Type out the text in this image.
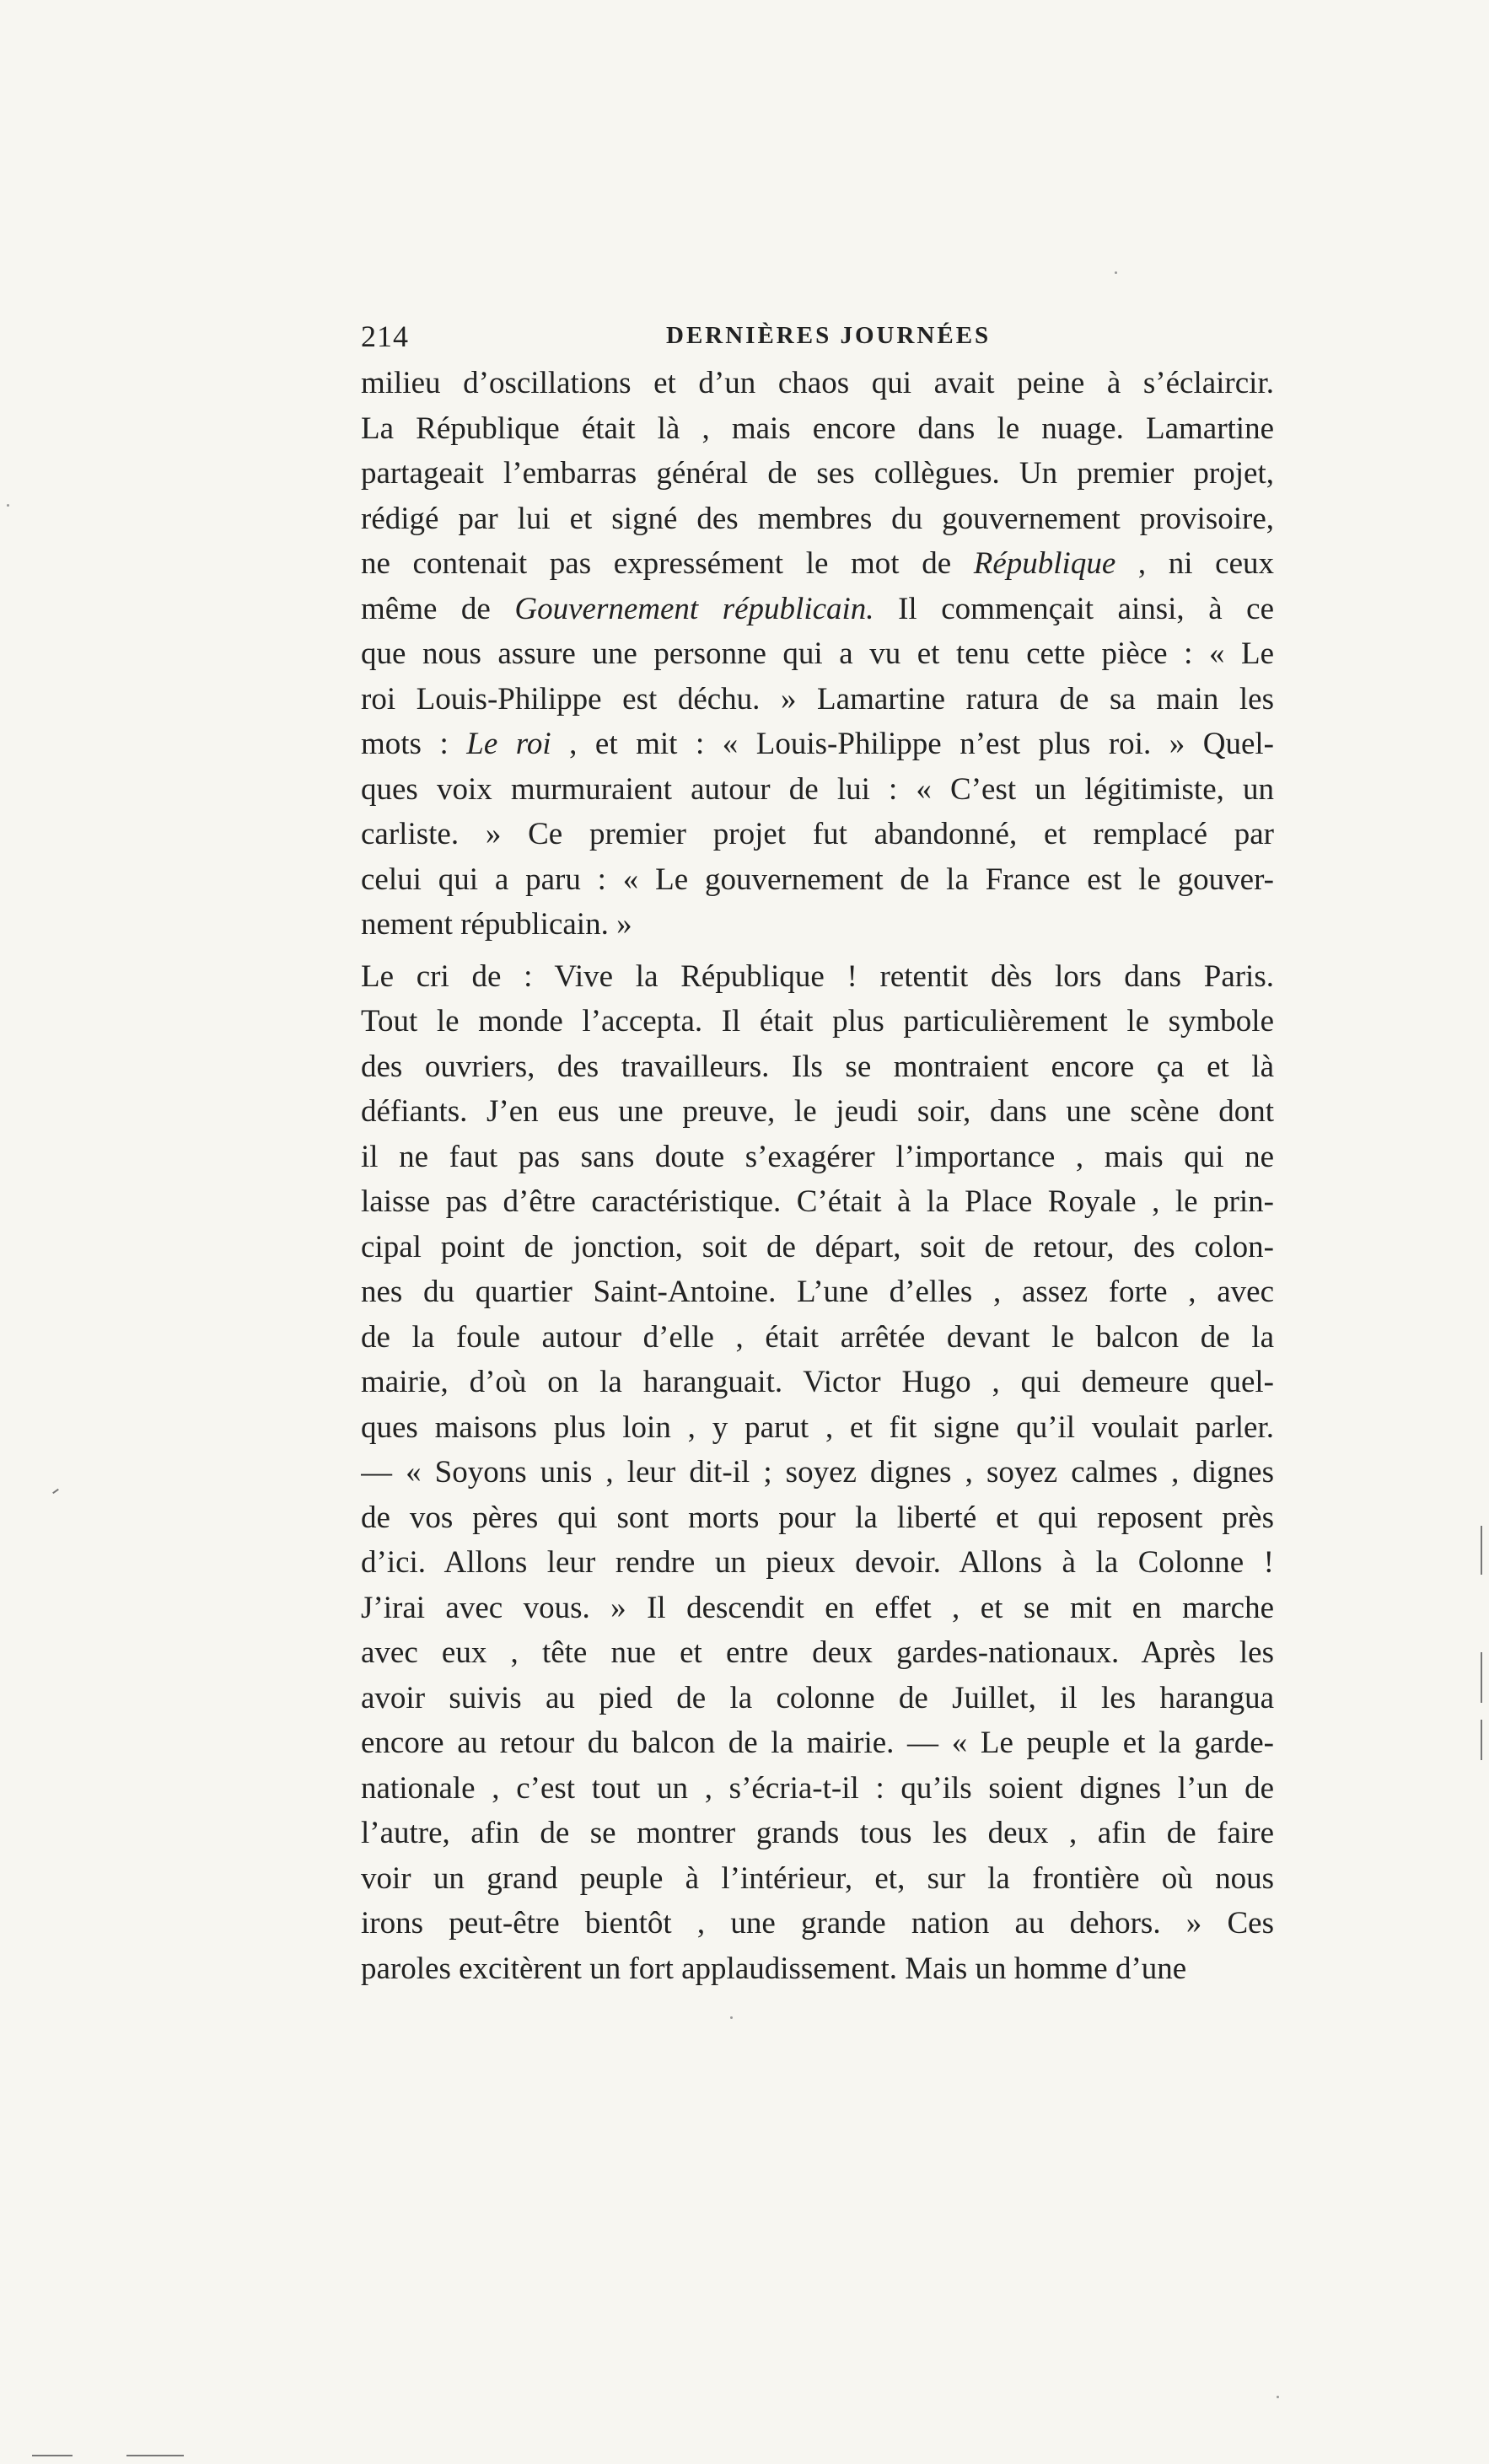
214	DERNIÈRES JOURNÉES
milieu d’oscillations et d’un chaos qui avait peine à s’éclaircir.
La République était là , mais encore dans le nuage. Lamartine
partageait l’embarras général de ses collègues. Un premier projet,
rédigé par lui et signé des membres du gouvernement provisoire,
ne contenait pas expressément le mot de République , ni ceux
même de Gouvernement républicain. Il commençait ainsi, à ce
que nous assure une personne qui a vu et tenu cette pièce : « Le
roi Louis-Philippe est déchu. » Lamartine ratura de sa main les
mots : Le roi , et mit : « Louis-Philippe n’est plus roi. » Quel-
ques voix murmuraient autour de lui : « C’est un légitimiste, un
carliste. » Ce premier projet fut abandonné, et remplacé par
celui qui a paru : « Le gouvernement de la France est le gouver-
nement républicain. »
Le cri de : Vive la République ! retentit dès lors dans Paris.
Tout le monde l’accepta. Il était plus particulièrement le symbole
des ouvriers, des travailleurs. Ils se montraient encore ça et là
défiants. J’en eus une preuve, le jeudi soir, dans une scène dont
il ne faut pas sans doute s’exagérer l’importance , mais qui ne
laisse pas d’être caractéristique. C’était à la Place Royale , le prin-
cipal point de jonction, soit de départ, soit de retour, des colon-
nes du quartier Saint-Antoine. L’une d’elles , assez forte , avec
de la foule autour d’elle , était arrêtée devant le balcon de la
mairie, d’où on la haranguait. Victor Hugo , qui demeure quel-
ques maisons plus loin , y parut , et fit signe qu’il voulait parler.
— « Soyons unis , leur dit-il ; soyez dignes , soyez calmes , dignes
de vos pères qui sont morts pour la liberté et qui reposent près
d’ici. Allons leur rendre un pieux devoir. Allons à la Colonne !
J’irai avec vous. » Il descendit en effet , et se mit en marche
avec eux , tête nue et entre deux gardes-nationaux. Après les
avoir suivis au pied de la colonne de Juillet, il les harangua
encore au retour du balcon de la mairie. — « Le peuple et la garde-
nationale , c’est tout un , s’écria-t-il : qu’ils soient dignes l’un de
l’autre, afin de se montrer grands tous les deux , afin de faire
voir un grand peuple à l’intérieur, et, sur la frontière où nous
irons peut-être bientôt , une grande nation au dehors. » Ces
paroles excitèrent un fort applaudissement. Mais un homme d’une
